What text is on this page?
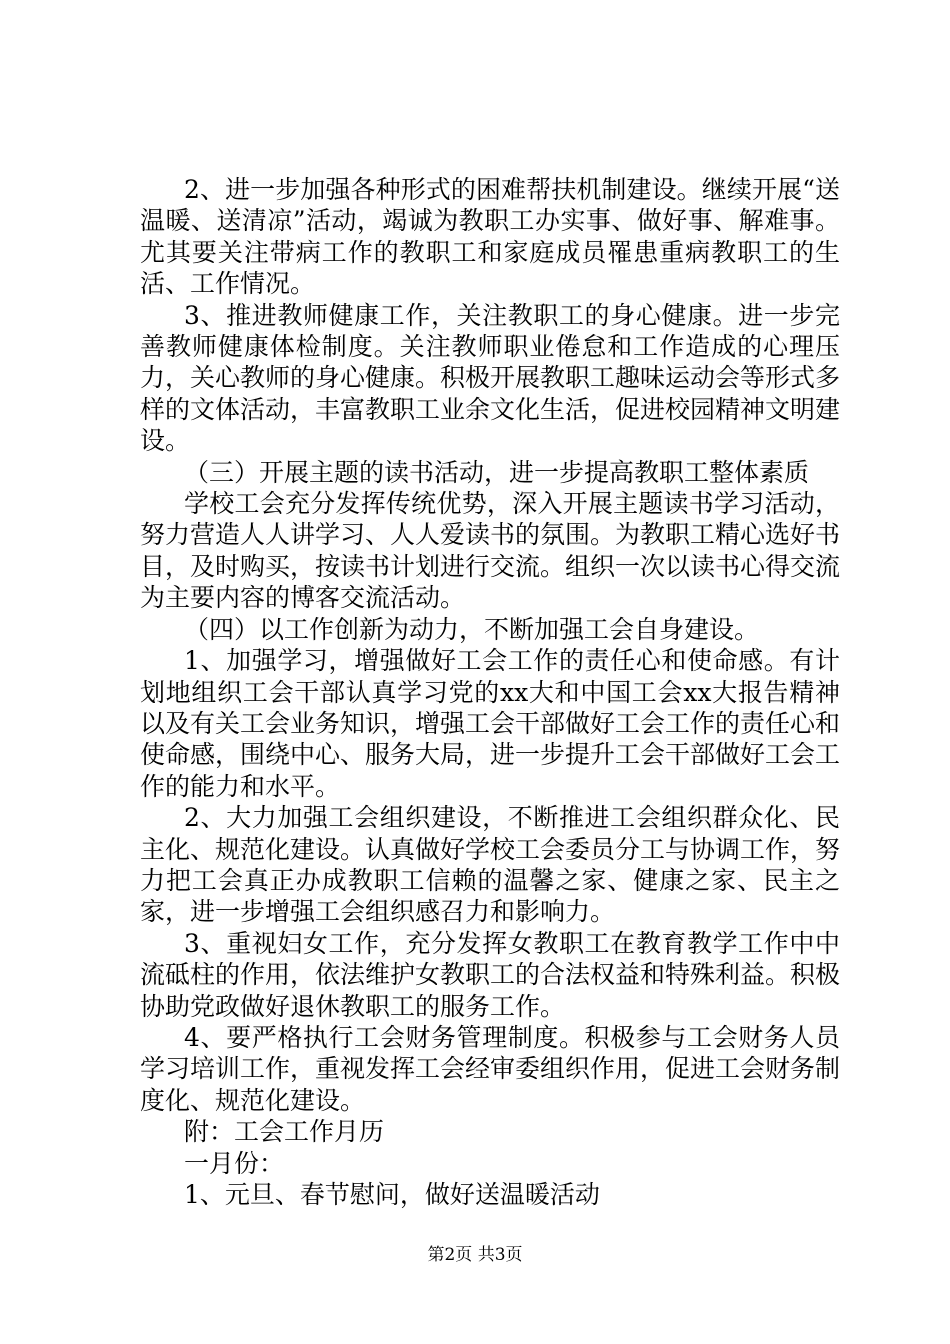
2、进一步加强各种形式的困难帮扶机制建设。继续开展“送温暖、送清凉”活动，竭诚为教职工办实事、做好事、解难事。尤其要关注带病工作的教职工和家庭成员罹患重病教职工的生活、工作情况。

3、推进教师健康工作，关注教职工的身心健康。进一步完善教师健康体检制度。关注教师职业倦怠和工作造成的心理压力，关心教师的身心健康。积极开展教职工趣味运动会等形式多样的文体活动，丰富教职工业余文化生活，促进校园精神文明建设。

（三）开展主题的读书活动，进一步提高教职工整体素质

学校工会充分发挥传统优势，深入开展主题读书学习活动，努力营造人人讲学习、人人爱读书的氛围。为教职工精心选好书目，及时购买，按读书计划进行交流。组织一次以读书心得交流为主要内容的博客交流活动。

（四）以工作创新为动力，不断加强工会自身建设。

1、加强学习，增强做好工会工作的责任心和使命感。有计划地组织工会干部认真学习党的xx大和中国工会xx大报告精神以及有关工会业务知识，增强工会干部做好工会工作的责任心和使命感，围绕中心、服务大局，进一步提升工会干部做好工会工作的能力和水平。

2、大力加强工会组织建设，不断推进工会组织群众化、民主化、规范化建设。认真做好学校工会委员分工与协调工作，努力把工会真正办成教职工信赖的温馨之家、健康之家、民主之家，进一步增强工会组织感召力和影响力。

3、重视妇女工作，充分发挥女教职工在教育教学工作中中流砥柱的作用，依法维护女教职工的合法权益和特殊利益。积极协助党政做好退休教职工的服务工作。

4、要严格执行工会财务管理制度。积极参与工会财务人员学习培训工作，重视发挥工会经审委组织作用，促进工会财务制度化、规范化建设。

附：工会工作月历

一月份：

1、元旦、春节慰问，做好送温暖活动

第2页 共3页
